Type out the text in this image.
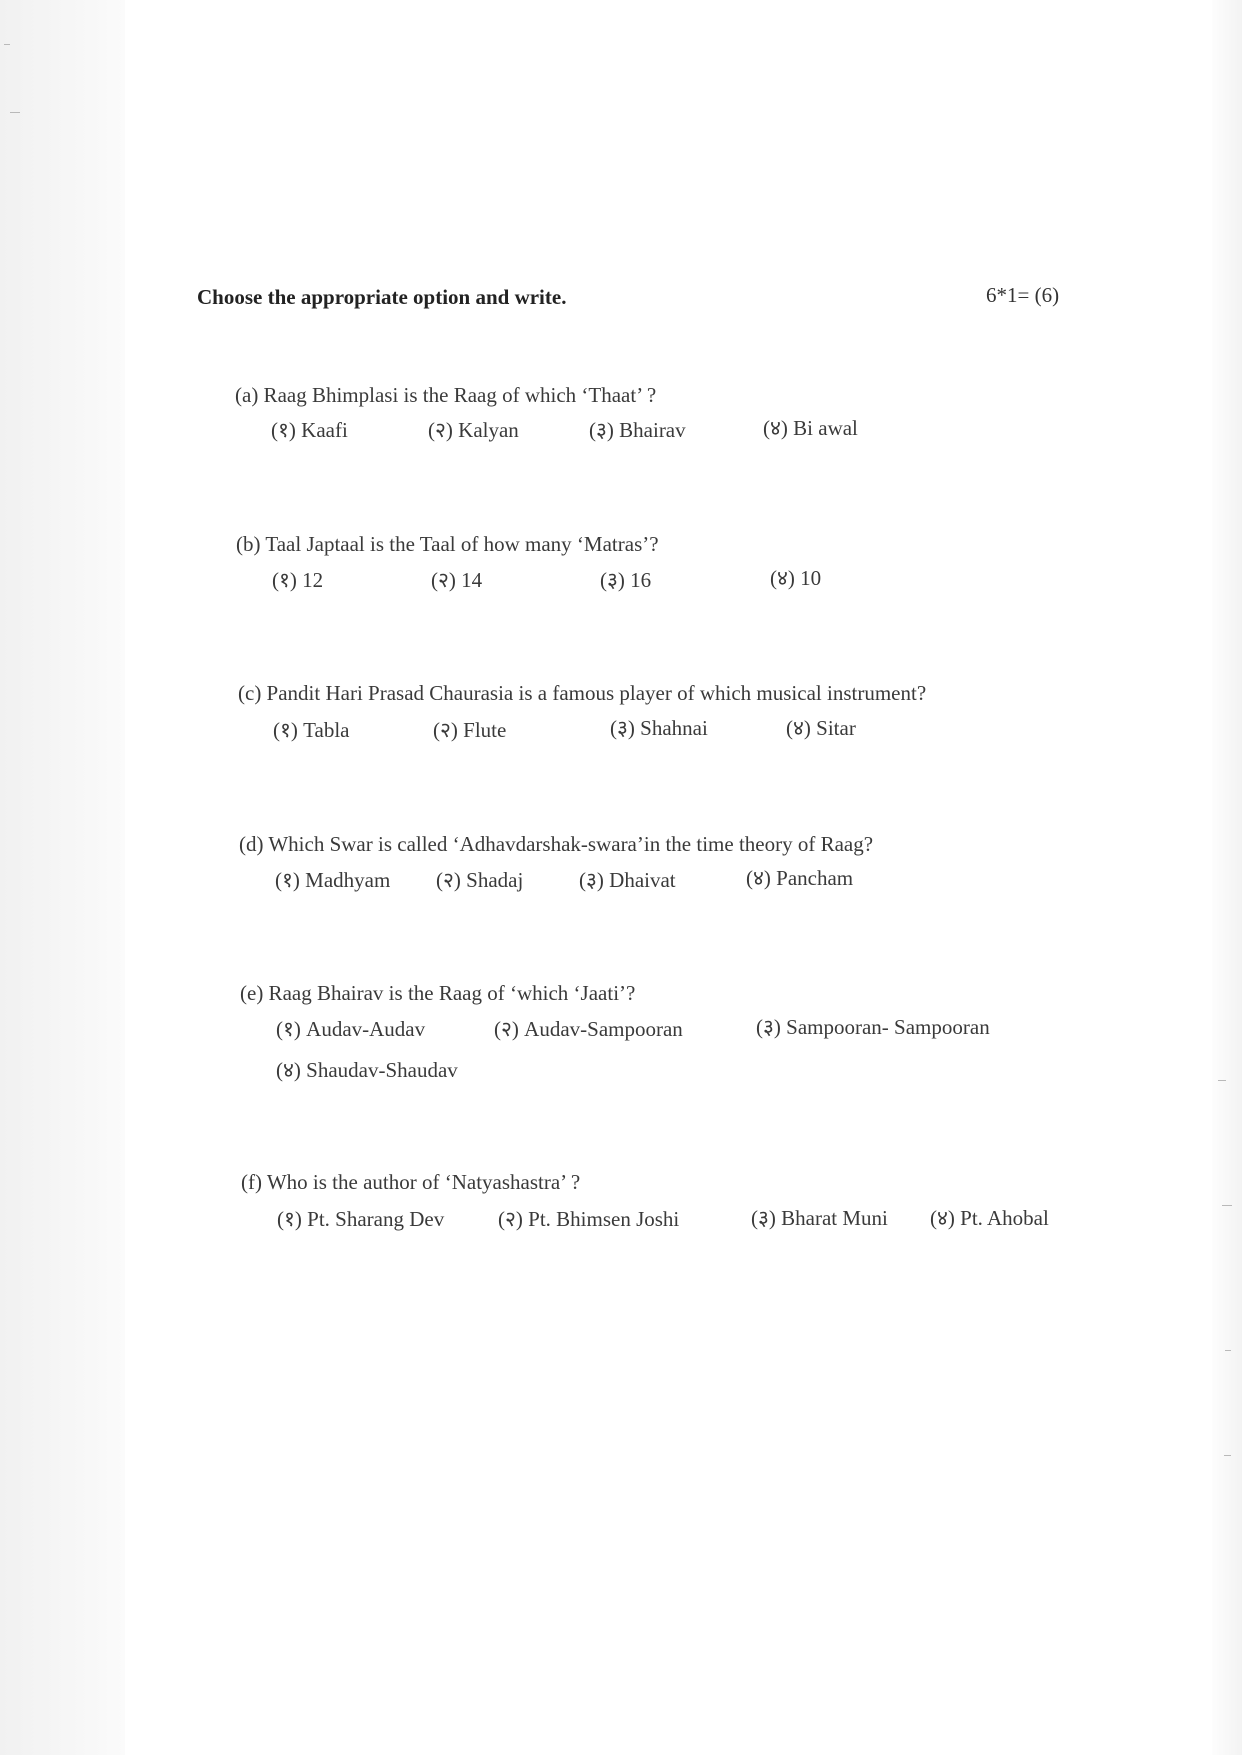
Choose the appropriate option and write.	6*1= (6)
(a) Raag Bhimplasi is the Raag of which ‘Thaat’ ?
(१) Kaafi	(२) Kalyan	(३) Bhairav	(४) Bi awal
(b) Taal Japtaal is the Taal of how many ‘Matras’?
(१) 12	(२) 14	(३) 16	(४) 10
(c) Pandit Hari Prasad Chaurasia is a famous player of which musical instrument?
(१) Tabla	(२) Flute	(३) Shahnai	(४) Sitar
(d) Which Swar is called ‘Adhavdarshak-swara’in the time theory of Raag?
(१) Madhyam (२) Shadaj	(३) Dhaivat	(४) Pancham
(e) Raag Bhairav is the Raag of ‘which ‘Jaati’?
(१) Audav-Audav	(२) Audav-Sampooran	(३) Sampooran- Sampooran
(४) Shaudav-Shaudav
(f) Who is the author of ‘Natyashastra’ ?
(१) Pt. Sharang Dev	(२) Pt. Bhimsen Joshi	(३) Bharat Muni (४) Pt. Ahobal
